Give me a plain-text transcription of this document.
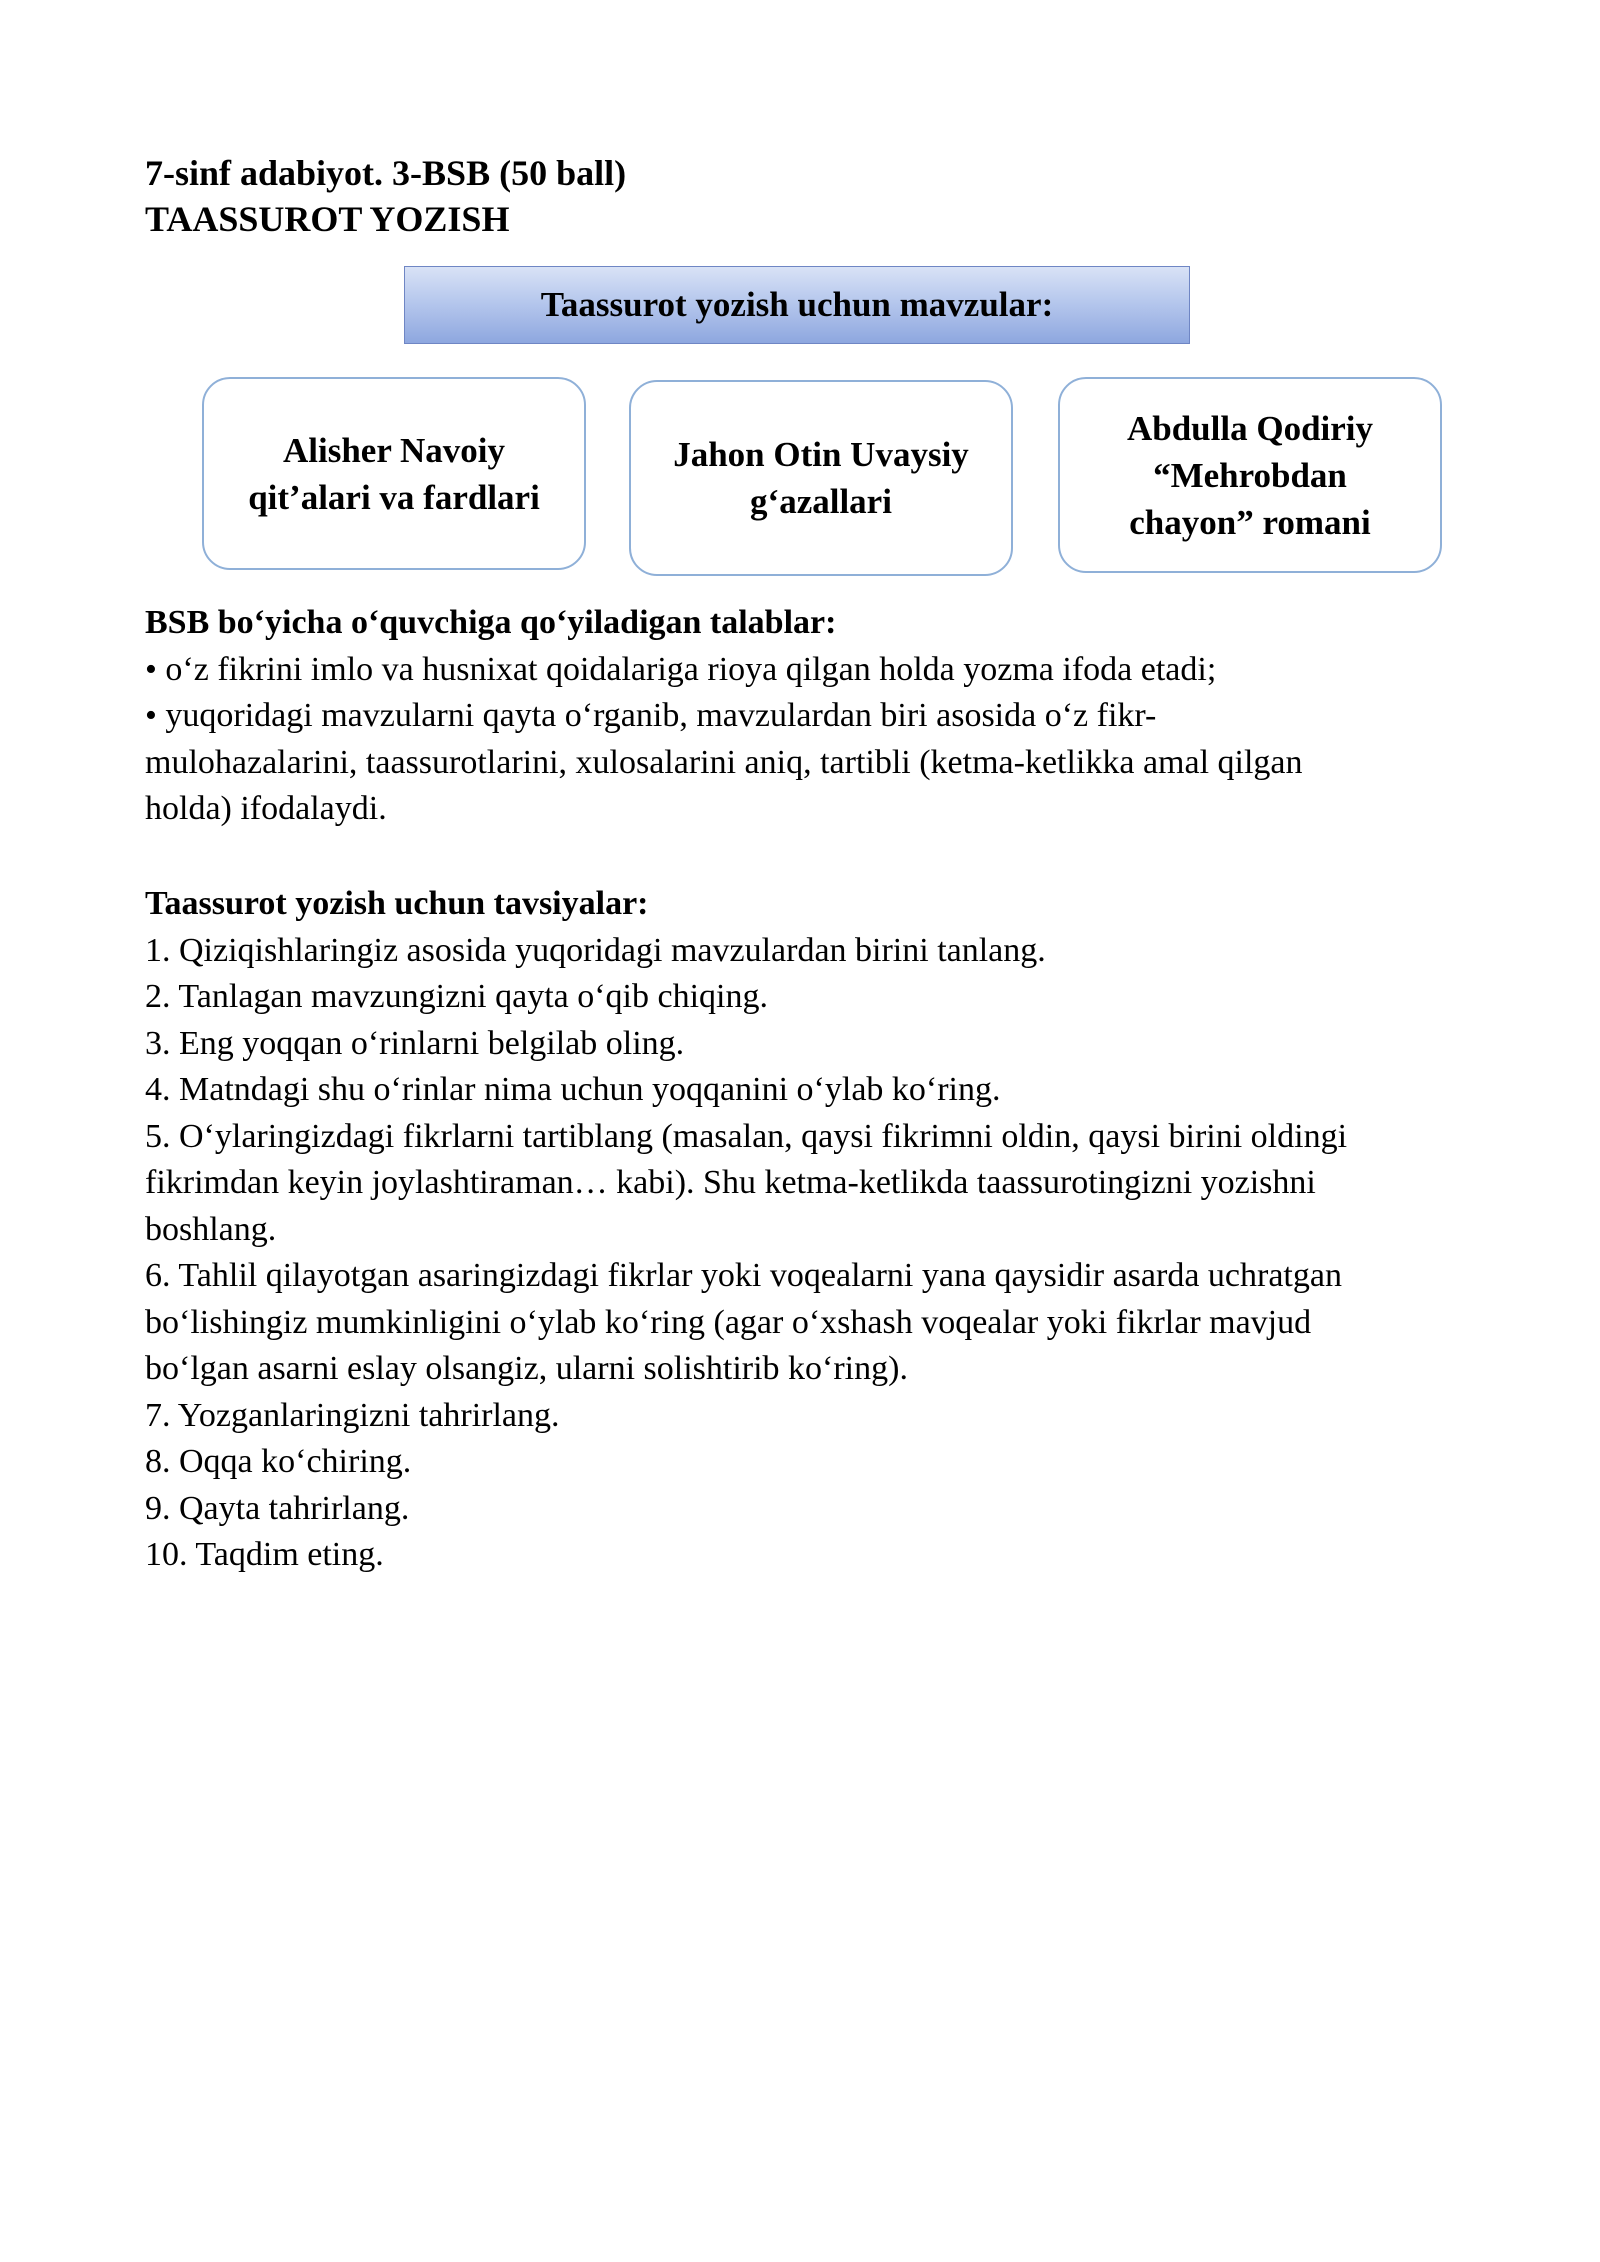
7-sinf adabiyot. 3-BSB (50 ball)
TAASSUROT YOZISH
Taassurot yozish uchun mavzular:
Alisher Navoiy
qit’alari va fardlari
Jahon Otin Uvaysiy
g‘azallari
Abdulla Qodiriy
“Mehrobdan
chayon” romani
BSB bo‘yicha o‘quvchiga qo‘yiladigan talablar:
• o‘z fikrini imlo va husnixat qoidalariga rioya qilgan holda yozma ifoda etadi;
• yuqoridagi mavzularni qayta o‘rganib, mavzulardan biri asosida o‘z fikr-
mulohazalarini, taassurotlarini, xulosalarini aniq, tartibli (ketma-ketlikka amal qilgan
holda) ifodalaydi.
Taassurot yozish uchun tavsiyalar:
1. Qiziqishlaringiz asosida yuqoridagi mavzulardan birini tanlang.
2. Tanlagan mavzungizni qayta o‘qib chiqing.
3. Eng yoqqan o‘rinlarni belgilab oling.
4. Matndagi shu o‘rinlar nima uchun yoqqanini o‘ylab ko‘ring.
5. O‘ylaringizdagi fikrlarni tartiblang (masalan, qaysi fikrimni oldin, qaysi birini oldingi
fikrimdan keyin joylashtiraman… kabi). Shu ketma-ketlikda taassurotingizni yozishni
boshlang.
6. Tahlil qilayotgan asaringizdagi fikrlar yoki voqealarni yana qaysidir asarda uchratgan
bo‘lishingiz mumkinligini o‘ylab ko‘ring (agar o‘xshash voqealar yoki fikrlar mavjud
bo‘lgan asarni eslay olsangiz, ularni solishtirib ko‘ring).
7. Yozganlaringizni tahrirlang.
8. Oqqa ko‘chiring.
9. Qayta tahrirlang.
10. Taqdim eting.
